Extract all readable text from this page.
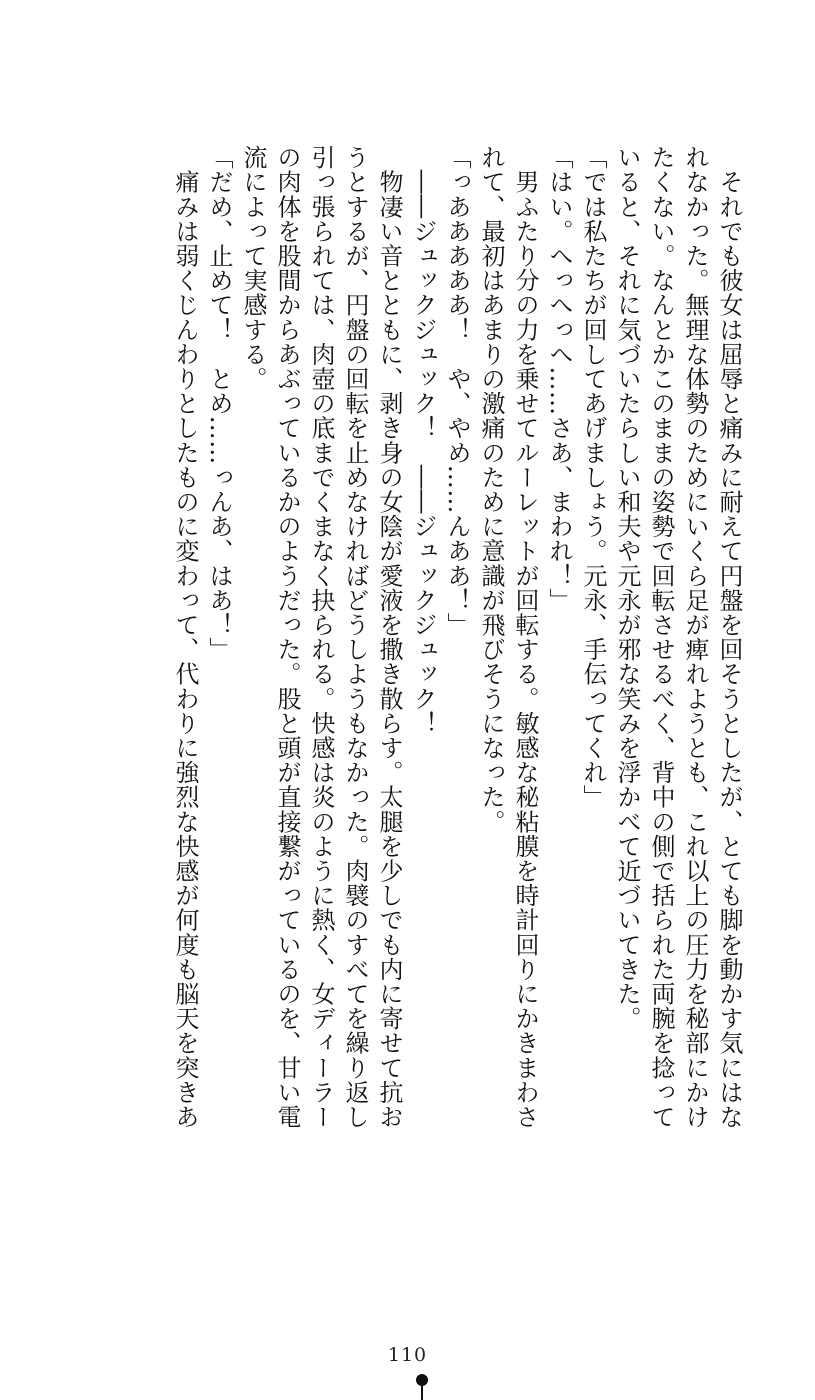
　それでも彼女は屈辱と痛みに耐えて円盤を回そうとしたが、とても脚を動かす気にはな
れなかった。無理な体勢のためにいくら足が痺れようとも、これ以上の圧力を秘部にかけ
たくない。なんとかこのままの姿勢で回転させるべく、背中の側で括られた両腕を捻って
いると、それに気づいたらしい和夫や元永が邪な笑みを浮かべて近づいてきた。
「では私たちが回してあげましょう。元永、手伝ってくれ」
「はい。へっへっへ……さあ、まわれ！」
　男ふたり分の力を乗せてルーレットが回転する。敏感な秘粘膜を時計回りにかきまわさ
れて、最初はあまりの激痛のために意識が飛びそうになった。
「っあああああ！　や、やめ……んああ！」
　――ジュックジュック！　――ジュックジュック！
　物凄い音とともに、剥き身の女陰が愛液を撒き散らす。太腿を少しでも内に寄せて抗お
うとするが、円盤の回転を止めなければどうしようもなかった。肉襞のすべてを繰り返し
引っ張られては、肉壺の底までくまなく抉られる。快感は炎のように熱く、女ディーラー
の肉体を股間からあぶっているかのようだった。股と頭が直接繋がっているのを、甘い電
流によって実感する。
「だめ、止めて！　とめ……っんあ、はあ！」
　痛みは弱くじんわりとしたものに変わって、代わりに強烈な快感が何度も脳天を突きあ
110
